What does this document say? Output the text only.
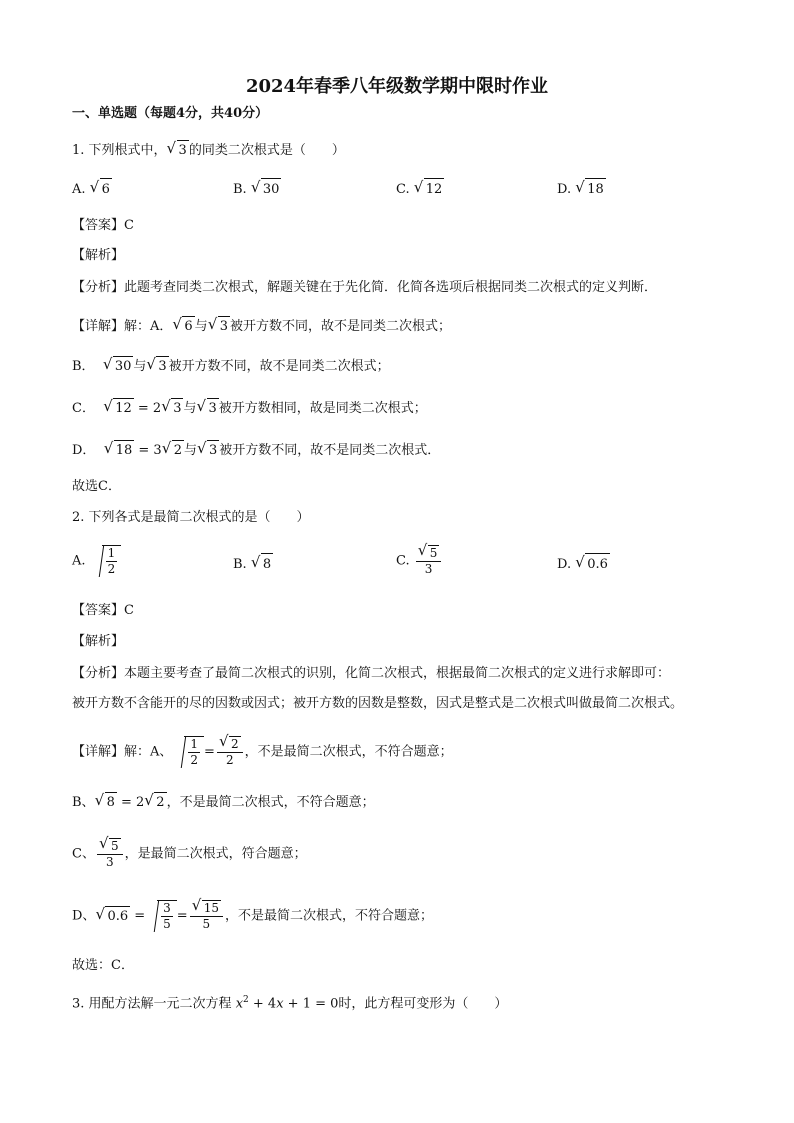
2024年春季八年级数学期中限时作业
一、单选题（每题4分，共40分）
1. 下列根式中， √ 3 的同类二次根式是（　　）
A. √ 6	B. √ 30	C. √ 12	D. √ 18
【答案】C
【解析】
【分析】此题考查同类二次根式，解题关键在于先化简．化简各选项后根据同类二次根式的定义判断．
【详解】解：A． √ 6 与 √ 3 被开方数不同，故不是同类二次根式；
B． √ 30 与 √ 3 被开方数不同，故不是同类二次根式；
C． √ 12 = 2 √ 3 与 √ 3 被开方数相同，故是同类二次根式；
D． √ 18 = 3 √ 2 与 √ 3 被开方数不同，故不是同类二次根式．
故选C．
2. 下列各式是最简二次根式的是（　　）
A. $\frac{1}{2}$	B. √ 8	C. √ $\frac{5}{3}$	D. √ 0.6
【答案】C
【解析】
【分析】本题主要考查了最简二次根式的识别，化简二次根式，根据最简二次根式的定义进行求解即可：
被开方数不含能开的尽的因数或因式；被开方数的因数是整数，因式是整式是二次根式叫做最简二次根式。
【详解】解：A、 $\frac{1}{2}$ = √ $\frac{2}{2}$ ，不是最简二次根式，不符合题意；
B、 √ 8 = 2 √ 2 ，不是最简二次根式，不符合题意；
C、 √ $\frac{5}{3}$ ，是最简二次根式，符合题意；
D、 √ $0.6 = \frac{3}{5}$ = √ $\frac{15}{5}$ ，不是最简二次根式，不符合题意；
故选：C．
3. 用配方法解一元二次方程 $x^2 + 4x + 1 = 0$时，此方程可变形为（　　）
